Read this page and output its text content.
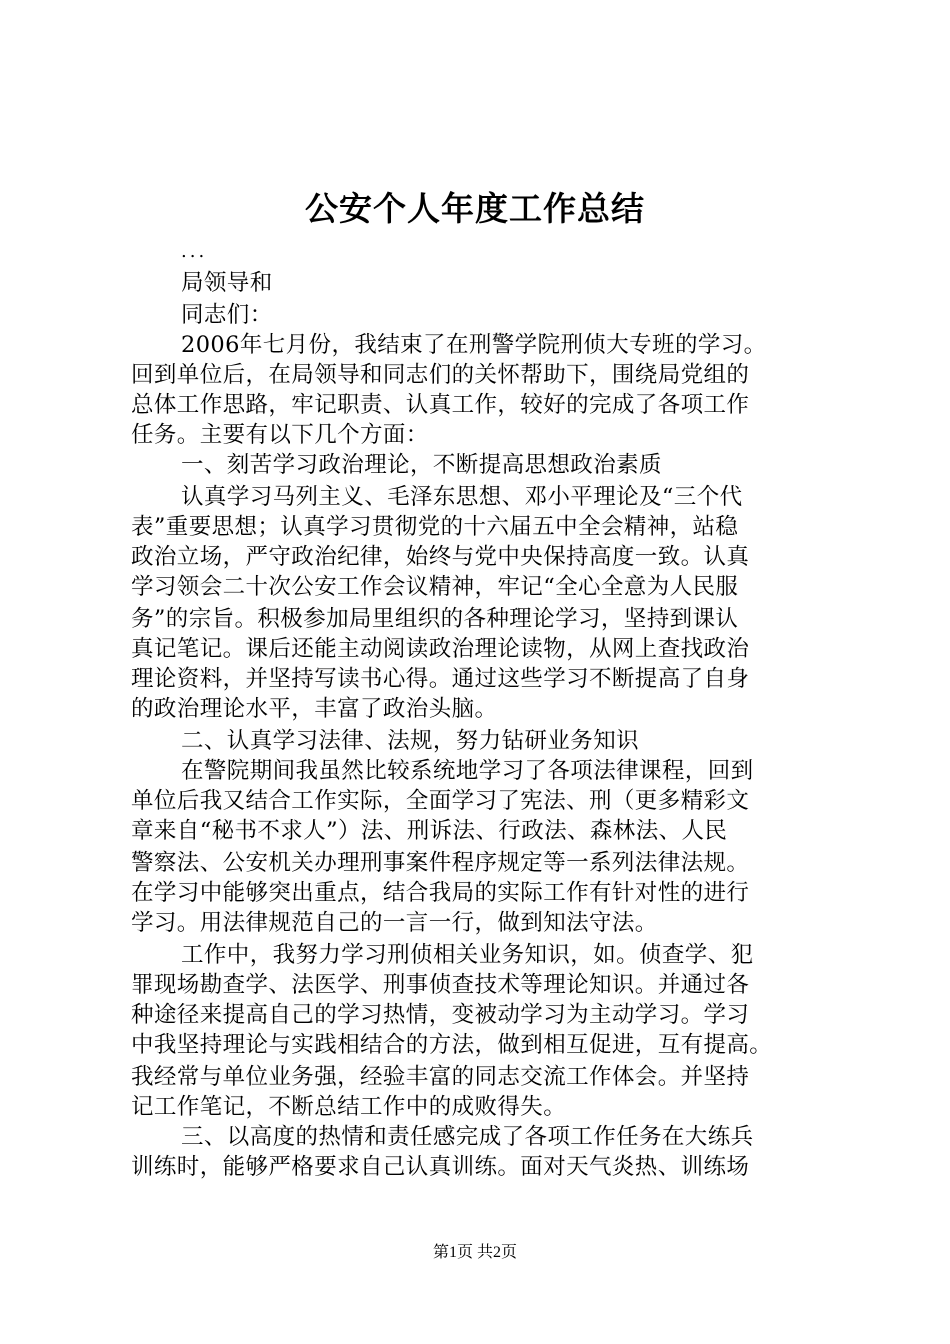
公安个人年度工作总结
...
局领导和
同志们：
2006年七月份，我结束了在刑警学院刑侦大专班的学习。
回到单位后，在局领导和同志们的关怀帮助下，围绕局党组的
总体工作思路，牢记职责、认真工作，较好的完成了各项工作
任务。主要有以下几个方面：
一、刻苦学习政治理论，不断提高思想政治素质
认真学习马列主义、毛泽东思想、邓小平理论及“三个代
表”重要思想；认真学习贯彻党的十六届五中全会精神，站稳
政治立场，严守政治纪律，始终与党中央保持高度一致。认真
学习领会二十次公安工作会议精神，牢记“全心全意为人民服
务”的宗旨。积极参加局里组织的各种理论学习，坚持到课认
真记笔记。课后还能主动阅读政治理论读物，从网上查找政治
理论资料，并坚持写读书心得。通过这些学习不断提高了自身
的政治理论水平，丰富了政治头脑。
二、认真学习法律、法规，努力钻研业务知识
在警院期间我虽然比较系统地学习了各项法律课程，回到
单位后我又结合工作实际，全面学习了宪法、刑（更多精彩文
章来自“秘书不求人”）法、刑诉法、行政法、森林法、人民
警察法、公安机关办理刑事案件程序规定等一系列法律法规。
在学习中能够突出重点，结合我局的实际工作有针对性的进行
学习。用法律规范自己的一言一行，做到知法守法。
工作中，我努力学习刑侦相关业务知识，如。侦查学、犯
罪现场勘查学、法医学、刑事侦查技术等理论知识。并通过各
种途径来提高自己的学习热情，变被动学习为主动学习。学习
中我坚持理论与实践相结合的方法，做到相互促进，互有提高。
我经常与单位业务强，经验丰富的同志交流工作体会。并坚持
记工作笔记，不断总结工作中的成败得失。
三、以高度的热情和责任感完成了各项工作任务在大练兵
训练时，能够严格要求自己认真训练。面对天气炎热、训练场
第1页 共2页
